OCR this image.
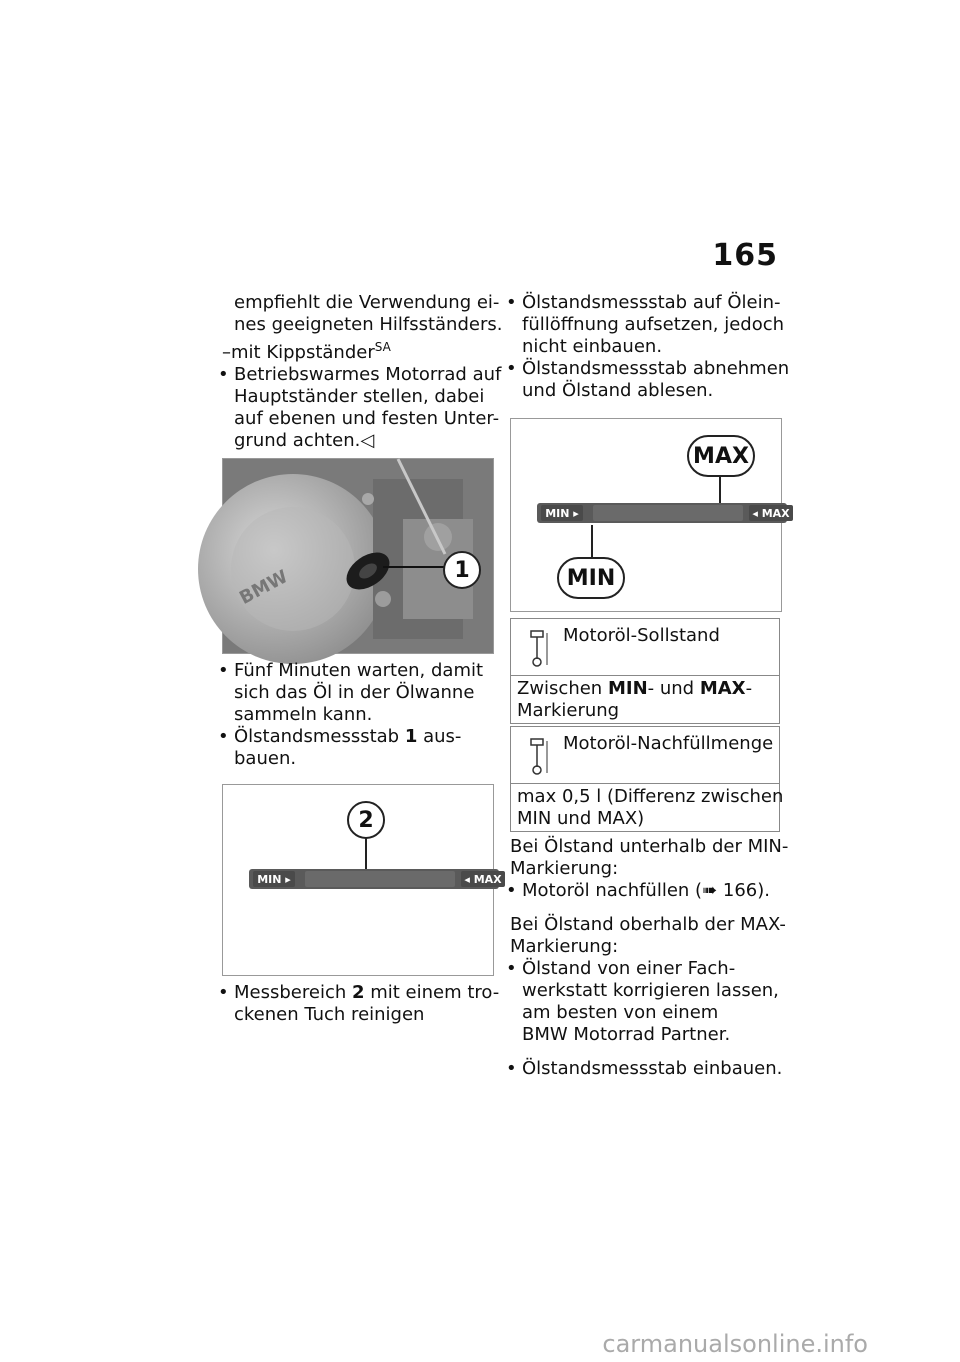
165
empfiehlt die Verwendung ei-
nes geeigneten Hilfsständers.
–mit Kippständer$^{SA}$
• Betriebswarmes Motorrad auf
Hauptständer stellen, dabei
auf ebenen und festen Unter-
grund achten.◁
BMW	1
• Fünf Minuten warten, damit
sich das Öl in der Ölwanne
sammeln kann.
• Ölstandsmessstab 1 aus-
bauen.
2
MIN ▸	◂ MAX
• Messbereich 2 mit einem tro-
ckenen Tuch reinigen
• Ölstandsmessstab auf Ölein-
füllöffnung aufsetzen, jedoch
nicht einbauen.
• Ölstandsmessstab abnehmen
und Ölstand ablesen.
MAX
MIN ▸	◂ MAX
MIN
Motoröl-Sollstand
Zwischen MIN- und MAX-
Markierung
Motoröl-Nachfüllmenge
max 0,5 l (Differenz zwischen
MIN und MAX)
Bei Ölstand unterhalb der MIN-
Markierung:
• Motoröl nachfüllen (➠ 166).
Bei Ölstand oberhalb der MAX-
Markierung:
• Ölstand von einer Fach-
werkstatt korrigieren lassen,
am besten von einem
BMW Motorrad Partner.
• Ölstandsmessstab einbauen.
carmanualsonline.info
